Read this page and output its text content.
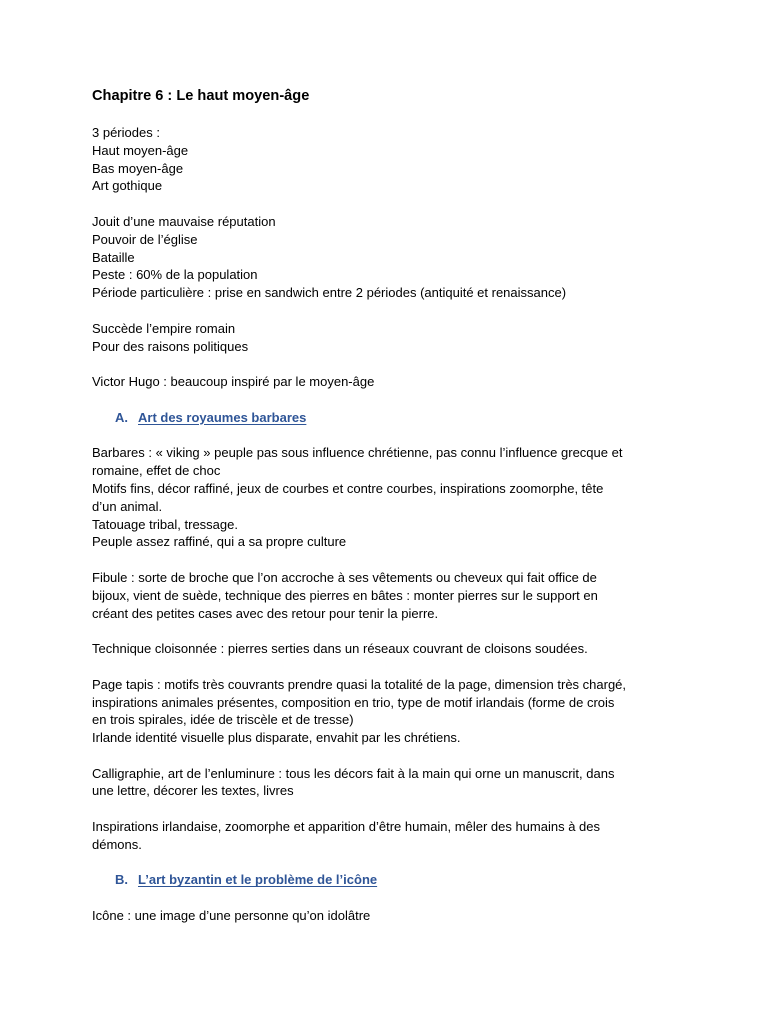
Chapitre 6 : Le haut moyen-âge
3 périodes :
Haut moyen-âge
Bas moyen-âge
Art gothique
Jouit d’une mauvaise réputation
Pouvoir de l’église
Bataille
Peste : 60% de la population
Période particulière : prise en sandwich entre 2 périodes (antiquité et renaissance)
Succède l’empire romain
Pour des raisons politiques
Victor Hugo : beaucoup inspiré par le moyen-âge
A. Art des royaumes barbares
Barbares : « viking » peuple pas sous influence chrétienne, pas connu l’influence grecque et
romaine, effet de choc
Motifs fins, décor raffiné, jeux de courbes et contre courbes, inspirations zoomorphe, tête
d’un animal.
Tatouage tribal, tressage.
Peuple assez raffiné, qui a sa propre culture
Fibule : sorte de broche que l’on accroche à ses vêtements ou cheveux qui fait office de
bijoux, vient de suède, technique des pierres en bâtes : monter pierres sur le support en
créant des petites cases avec des retour pour tenir la pierre.
Technique cloisonnée : pierres serties dans un réseaux couvrant de cloisons soudées.
Page tapis : motifs très couvrants prendre quasi la totalité de la page, dimension très chargé,
inspirations animales présentes, composition en trio, type de motif irlandais (forme de crois
en trois spirales, idée de triscèle et de tresse)
Irlande identité visuelle plus disparate, envahit par les chrétiens.
Calligraphie, art de l’enluminure : tous les décors fait à la main qui orne un manuscrit, dans
une lettre, décorer les textes, livres
Inspirations irlandaise, zoomorphe et apparition d’être humain, mêler des humains à des
démons.
B. L’art byzantin et le problème de l’icône
Icône : une image d’une personne qu’on idolâtre
